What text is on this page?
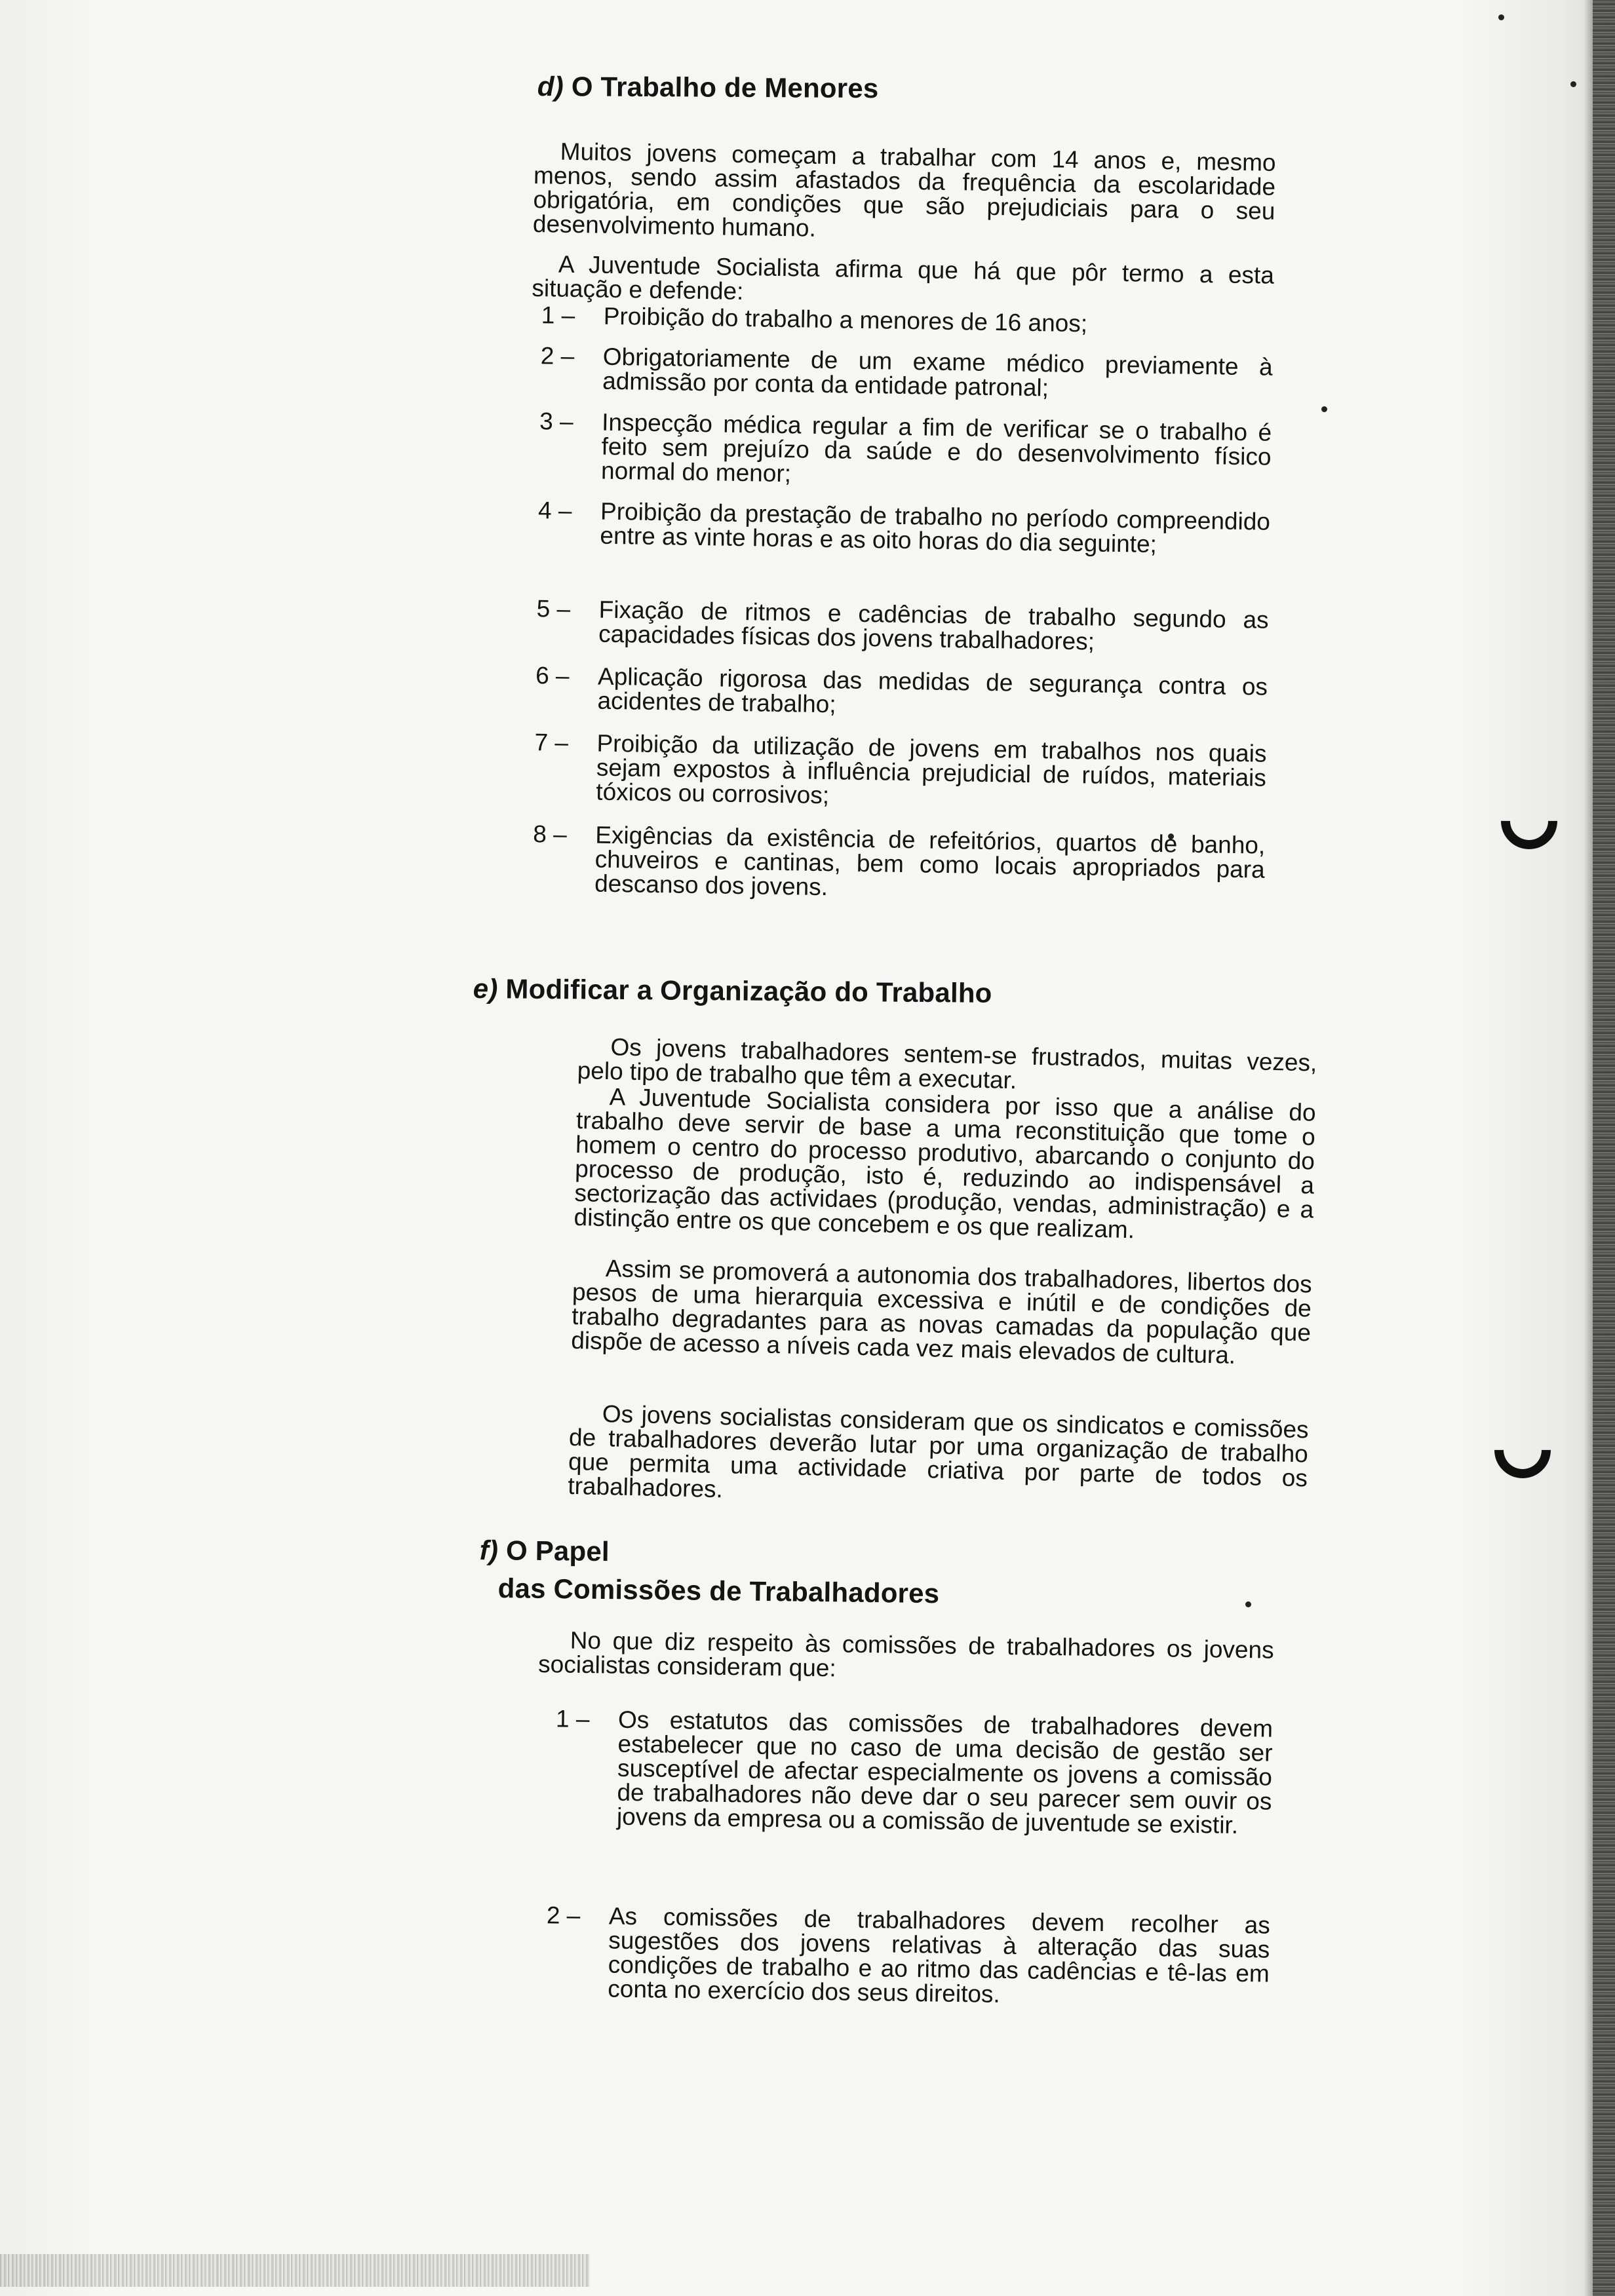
d) O Trabalho de Menores

Muitos jovens começam a trabalhar com 14 anos e, mesmo menos, sendo assim afastados da frequência da escolaridade obrigatória, em condições que são prejudiciais para o seu desenvolvimento humano.

A Juventude Socialista afirma que há que pôr termo a esta situação e defende:

1 – Proibição do trabalho a menores de 16 anos;

2 – Obrigatoriamente de um exame médico previamente à admissão por conta da entidade patronal;

3 – Inspecção médica regular a fim de verificar se o trabalho é feito sem prejuízo da saúde e do desenvolvimento físico normal do menor;

4 – Proibição da prestação de trabalho no período compreendido entre as vinte horas e as oito horas do dia seguinte;

5 – Fixação de ritmos e cadências de trabalho segundo as capacidades físicas dos jovens trabalhadores;

6 – Aplicação rigorosa das medidas de segurança contra os acidentes de trabalho;

7 – Proibição da utilização de jovens em trabalhos nos quais sejam expostos à influência prejudicial de ruídos, materiais tóxicos ou corrosivos;

8 – Exigências da existência de refeitórios, quartos de banho, chuveiros e cantinas, bem como locais apropriados para descanso dos jovens.

e) Modificar a Organização do Trabalho

Os jovens trabalhadores sentem-se frustrados, muitas vezes, pelo tipo de trabalho que têm a executar.

A Juventude Socialista considera por isso que a análise do trabalho deve servir de base a uma reconstituição que tome o homem o centro do processo produtivo, abarcando o conjunto do processo de produção, isto é, reduzindo ao indispensável a sectorização das actividaes (produção, vendas, administração) e a distinção entre os que concebem e os que realizam.

Assim se promoverá a autonomia dos trabalhadores, libertos dos pesos de uma hierarquia excessiva e inútil e de condições de trabalho degradantes para as novas camadas da população que dispõe de acesso a níveis cada vez mais elevados de cultura.

Os jovens socialistas consideram que os sindicatos e comissões de trabalhadores deverão lutar por uma organização de trabalho que permita uma actividade criativa por parte de todos os trabalhadores.

f) O Papel
das Comissões de Trabalhadores

No que diz respeito às comissões de trabalhadores os jovens socialistas consideram que:

1 – Os estatutos das comissões de trabalhadores devem estabelecer que no caso de uma decisão de gestão ser susceptível de afectar especialmente os jovens a comissão de trabalhadores não deve dar o seu parecer sem ouvir os jovens da empresa ou a comissão de juventude se existir.

2 – As comissões de trabalhadores devem recolher as sugestões dos jovens relativas à alteração das suas condições de trabalho e ao ritmo das cadências e tê-las em conta no exercício dos seus direitos.
